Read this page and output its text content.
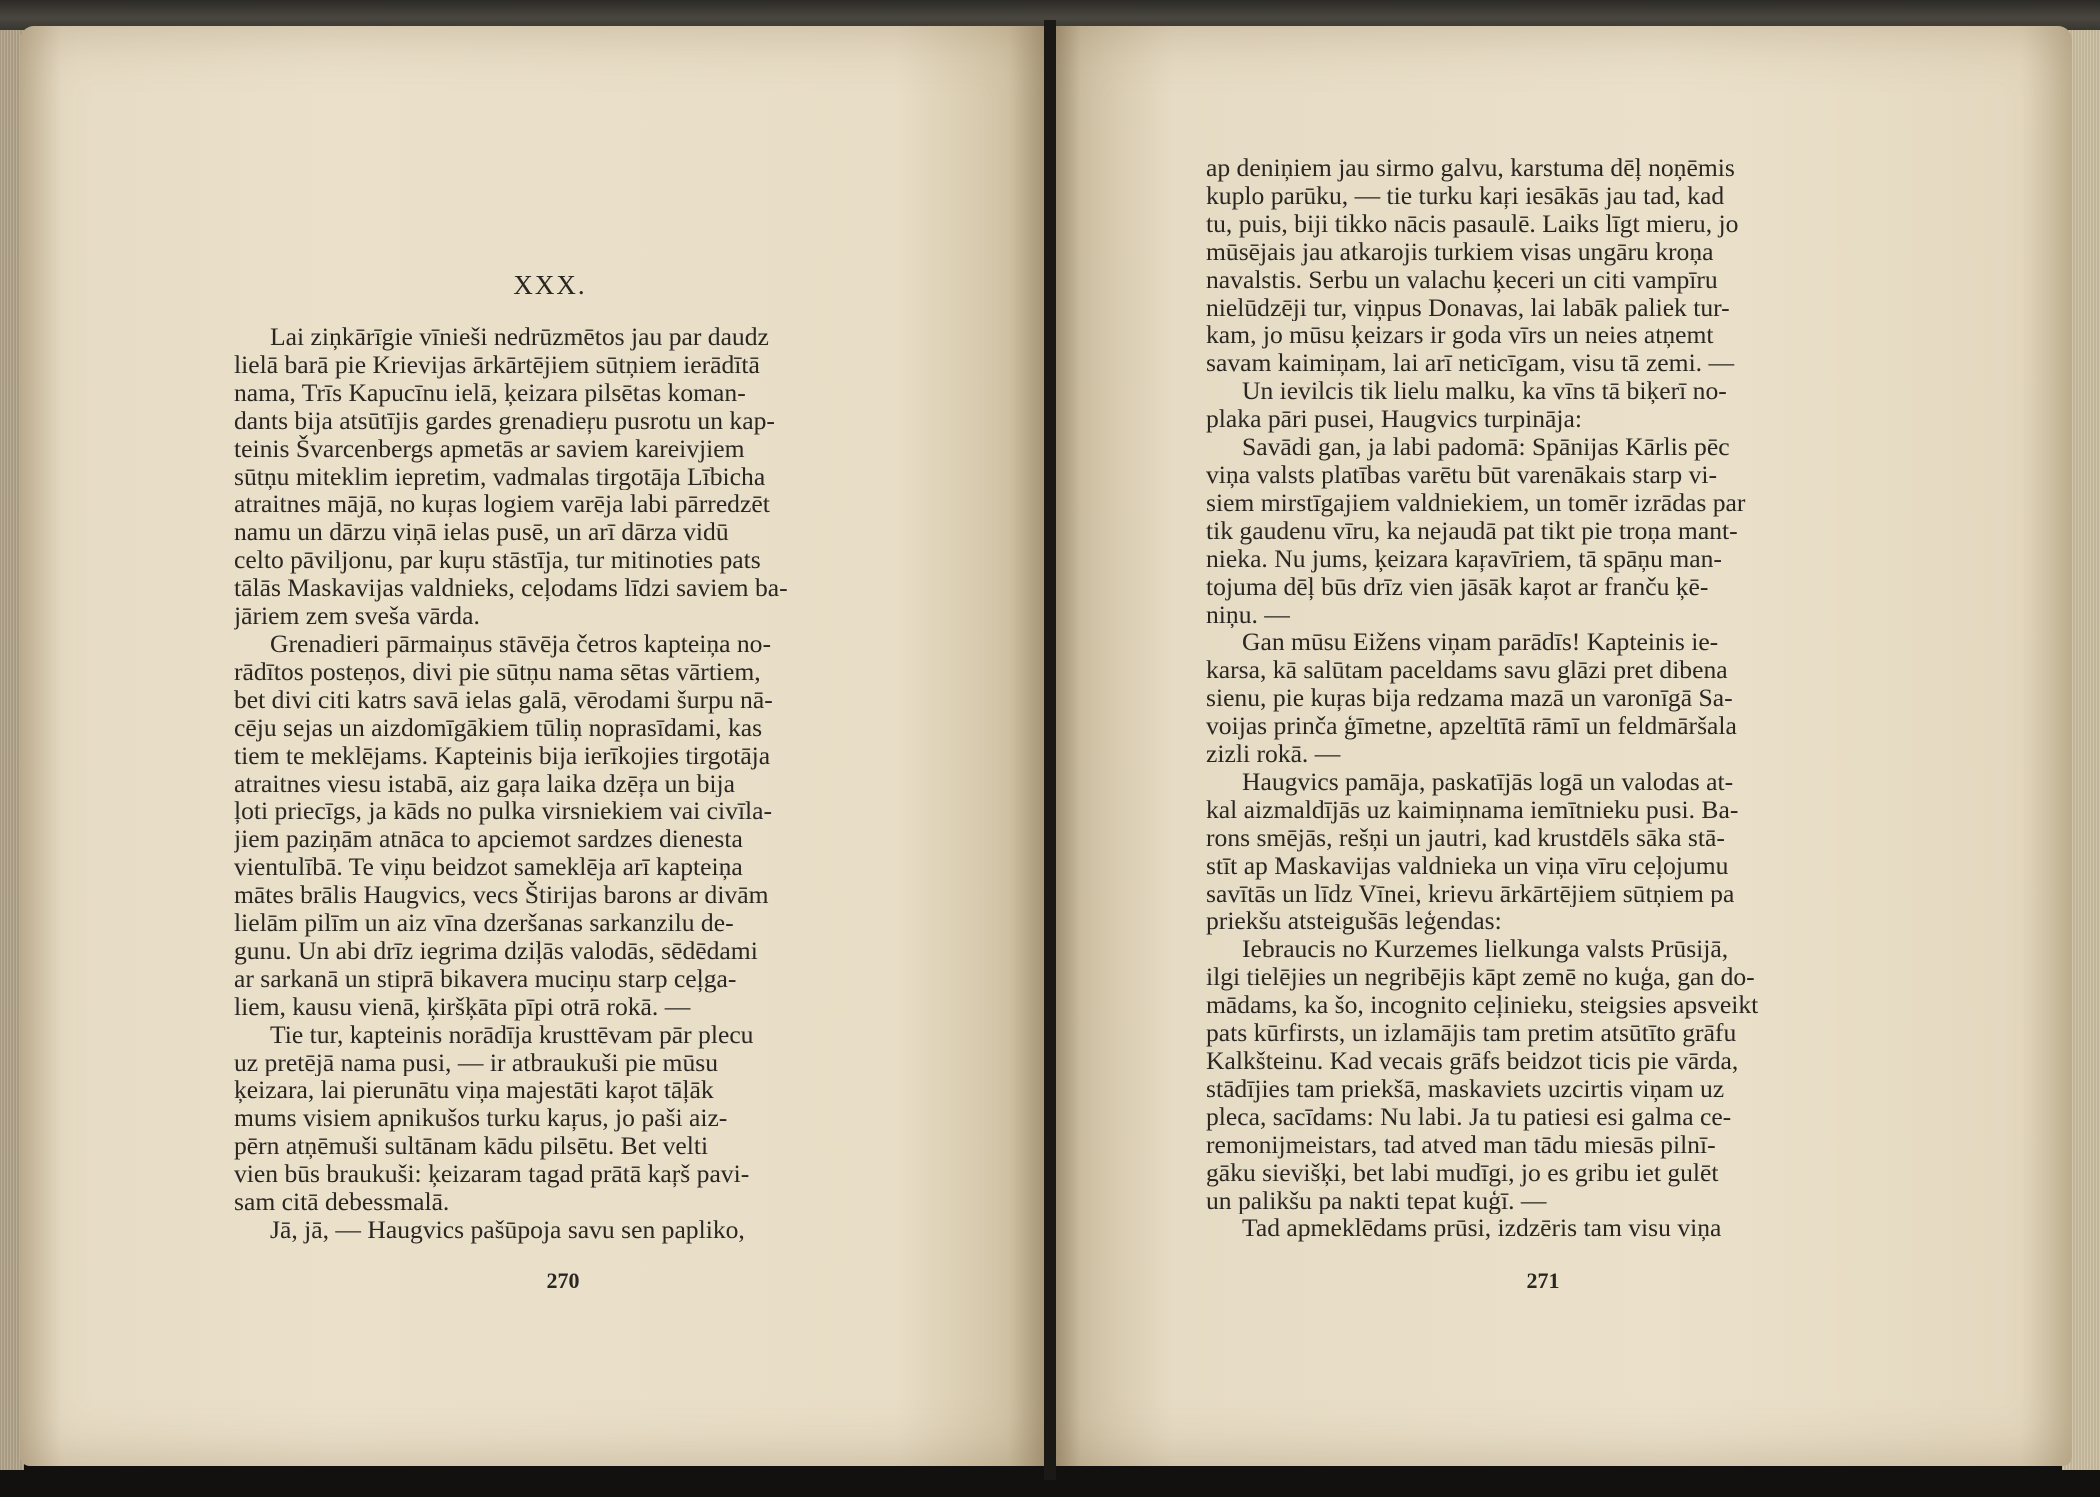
XXX.
Lai ziņkārīgie vīnieši nedrūzmētos jau par daudz
lielā barā pie Krievijas ārkārtējiem sūtņiem ierādītā
nama, Trīs Kapucīnu ielā, ķeizara pilsētas koman-
dants bija atsūtījis gardes grenadieŗu pusrotu un kap-
teinis Švarcenbergs apmetās ar saviem kareivjiem
sūtņu miteklim iepretim, vadmalas tirgotāja Lībicha
atraitnes mājā, no kuŗas logiem varēja labi pārredzēt
namu un dārzu viņā ielas pusē, un arī dārza vidū
celto pāviljonu, par kuŗu stāstīja, tur mitinoties pats
tālās Maskavijas valdnieks, ceļodams līdzi saviem ba-
jāriem zem sveša vārda.
Grenadieri pārmaiņus stāvēja četros kapteiņa no-
rādītos posteņos, divi pie sūtņu nama sētas vārtiem,
bet divi citi katrs savā ielas galā, vērodami šurpu nā-
cēju sejas un aizdomīgākiem tūliņ noprasīdami, kas
tiem te meklējams. Kapteinis bija ierīkojies tirgotāja
atraitnes viesu istabā, aiz gaŗa laika dzēŗa un bija
ļoti priecīgs, ja kāds no pulka virsniekiem vai civīla-
jiem paziņām atnāca to apciemot sardzes dienesta
vientulībā. Te viņu beidzot sameklēja arī kapteiņa
mātes brālis Haugvics, vecs Štirijas barons ar divām
lielām pilīm un aiz vīna dzeršanas sarkanzilu de-
gunu. Un abi drīz iegrima dziļās valodās, sēdēdami
ar sarkanā un stiprā bikavera muciņu starp ceļga-
liem, kausu vienā, ķiršķāta pīpi otrā rokā. —
Tie tur, kapteinis norādīja krusttēvam pār plecu
uz pretējā nama pusi, — ir atbraukuši pie mūsu
ķeizara, lai pierunātu viņa majestāti kaŗot tāļāk
mums visiem apnikušos turku kaŗus, jo paši aiz-
pērn atņēmuši sultānam kādu pilsētu. Bet velti
vien būs braukuši: ķeizaram tagad prātā kaŗš pavi-
sam citā debessmalā.
Jā, jā, — Haugvics pašūpoja savu sen papliko,
270
ap deniņiem jau sirmo galvu, karstuma dēļ noņēmis
kuplo parūku, — tie turku kaŗi iesākās jau tad, kad
tu, puis, biji tikko nācis pasaulē. Laiks līgt mieru, jo
mūsējais jau atkarojis turkiem visas ungāru kroņa
navalstis. Serbu un valachu ķeceri un citi vampīru
nielūdzēji tur, viņpus Donavas, lai labāk paliek tur-
kam, jo mūsu ķeizars ir goda vīrs un neies atņemt
savam kaimiņam, lai arī neticīgam, visu tā zemi. —
Un ievilcis tik lielu malku, ka vīns tā biķerī no-
plaka pāri pusei, Haugvics turpināja:
Savādi gan, ja labi padomā: Spānijas Kārlis pēc
viņa valsts platības varētu būt varenākais starp vi-
siem mirstīgajiem valdniekiem, un tomēr izrādas par
tik gaudenu vīru, ka nejaudā pat tikt pie troņa mant-
nieka. Nu jums, ķeizara kaŗavīriem, tā spāņu man-
tojuma dēļ būs drīz vien jāsāk kaŗot ar franču ķē-
niņu. —
Gan mūsu Eižens viņam parādīs! Kapteinis ie-
karsa, kā salūtam paceldams savu glāzi pret dibena
sienu, pie kuŗas bija redzama mazā un varonīgā Sa-
voijas prinča ģīmetne, apzeltītā rāmī un feldmāršala
zizli rokā. —
Haugvics pamāja, paskatījās logā un valodas at-
kal aizmaldījās uz kaimiņnama iemītnieku pusi. Ba-
rons smējās, rešņi un jautri, kad krustdēls sāka stā-
stīt ap Maskavijas valdnieka un viņa vīru ceļojumu
savītās un līdz Vīnei, krievu ārkārtējiem sūtņiem pa
priekšu atsteigušās leģendas:
Iebraucis no Kurzemes lielkunga valsts Prūsijā,
ilgi tielējies un negribējis kāpt zemē no kuģa, gan do-
mādams, ka šo, incognito ceļinieku, steigsies apsveikt
pats kūrfirsts, un izlamājis tam pretim atsūtīto grāfu
Kalkšteinu. Kad vecais grāfs beidzot ticis pie vārda,
stādījies tam priekšā, maskaviets uzcirtis viņam uz
pleca, sacīdams: Nu labi. Ja tu patiesi esi galma ce-
remonijmeistars, tad atved man tādu miesās pilnī-
gāku sievišķi, bet labi mudīgi, jo es gribu iet gulēt
un palikšu pa nakti tepat kuģī. —
Tad apmeklēdams prūsi, izdzēris tam visu viņa
271
